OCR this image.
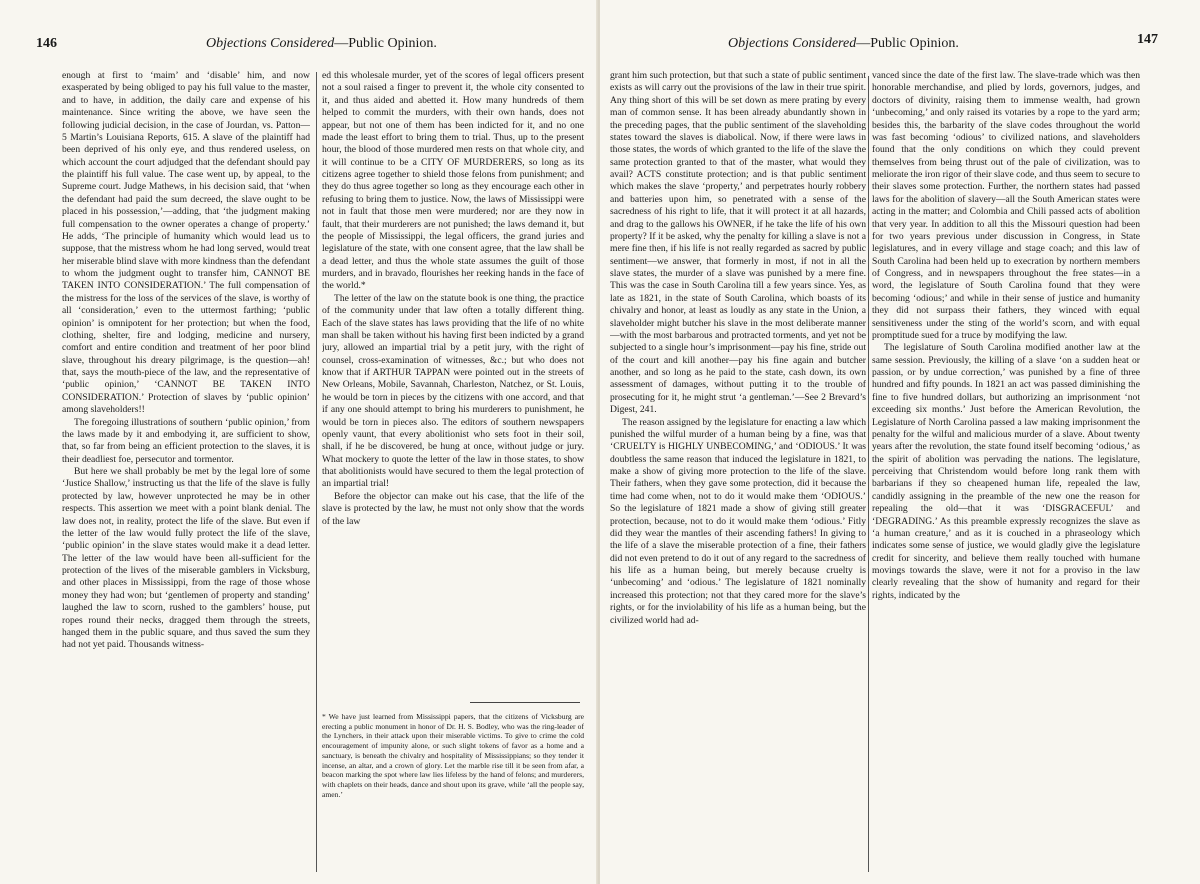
146	Objections Considered—Public Opinion.

enough at first to ‘maim’ and ‘disable’ him, and now exasperated by being obliged to pay his full value to the master, and to have, in addition, the daily care and expense of his maintenance. Since writing the above, we have seen the following judicial decision, in the case of Jourdan, vs. Patton—5 Martin’s Louisiana Reports, 615. A slave of the plaintiff had been deprived of his only eye, and thus rendered useless, on which account the court adjudged that the defendant should pay the plaintiff his full value. The case went up, by appeal, to the Supreme court. Judge Mathews, in his decision said, that ‘when the defendant had paid the sum decreed, the slave ought to be placed in his possession,’—adding, that ‘the judgment making full compensation to the owner operates a change of property.’ He adds, ‘The principle of humanity which would lead us to suppose, that the mistress whom he had long served, would treat her miserable blind slave with more kindness than the defendant to whom the judgment ought to transfer him, CANNOT BE TAKEN INTO CONSIDERATION.’ The full compensation of the mistress for the loss of the services of the slave, is worthy of all ‘consideration,’ even to the uttermost farthing; ‘public opinion’ is omnipotent for her protection; but when the food, clothing, shelter, fire and lodging, medicine and nursery, comfort and entire condition and treatment of her poor blind slave, throughout his dreary pilgrimage, is the question—ah! that, says the mouth-piece of the law, and the representative of ‘public opinion,’ ‘CANNOT BE TAKEN INTO CONSIDERATION.’ Protection of slaves by ‘public opinion’ among slaveholders!!

The foregoing illustrations of southern ‘public opinion,’ from the laws made by it and embodying it, are sufficient to show, that, so far from being an efficient protection to the slaves, it is their deadliest foe, persecutor and tormentor.

But here we shall probably be met by the legal lore of some ‘Justice Shallow,’ instructing us that the life of the slave is fully protected by law, however unprotected he may be in other respects. This assertion we meet with a point blank denial. The law does not, in reality, protect the life of the slave. But even if the letter of the law would fully protect the life of the slave, ‘public opinion’ in the slave states would make it a dead letter. The letter of the law would have been all-sufficient for the protection of the lives of the miserable gamblers in Vicksburg, and other places in Mississippi, from the rage of those whose money they had won; but ‘gentlemen of property and standing’ laughed the law to scorn, rushed to the gamblers’ house, put ropes round their necks, dragged them through the streets, hanged them in the public square, and thus saved the sum they had not yet paid. Thousands witness-

ed this wholesale murder, yet of the scores of legal officers present not a soul raised a finger to prevent it, the whole city consented to it, and thus aided and abetted it. How many hundreds of them helped to commit the murders, with their own hands, does not appear, but not one of them has been indicted for it, and no one made the least effort to bring them to trial. Thus, up to the present hour, the blood of those murdered men rests on that whole city, and it will continue to be a CITY OF MURDERERS, so long as its citizens agree together to shield those felons from punishment; and they do thus agree together so long as they encourage each other in refusing to bring them to justice. Now, the laws of Mississippi were not in fault that those men were murdered; nor are they now in fault, that their murderers are not punished; the laws demand it, but the people of Mississippi, the legal officers, the grand juries and legislature of the state, with one consent agree, that the law shall be a dead letter, and thus the whole state assumes the guilt of those murders, and in bravado, flourishes her reeking hands in the face of the world.*

The letter of the law on the statute book is one thing, the practice of the community under that law often a totally different thing. Each of the slave states has laws providing that the life of no white man shall be taken without his having first been indicted by a grand jury, allowed an impartial trial by a petit jury, with the right of counsel, cross-examination of witnesses, &c.; but who does not know that if ARTHUR TAPPAN were pointed out in the streets of New Orleans, Mobile, Savannah, Charleston, Natchez, or St. Louis, he would be torn in pieces by the citizens with one accord, and that if any one should attempt to bring his murderers to punishment, he would be torn in pieces also. The editors of southern newspapers openly vaunt, that every abolitionist who sets foot in their soil, shall, if he be discovered, be hung at once, without judge or jury. What mockery to quote the letter of the law in those states, to show that abolitionists would have secured to them the legal protection of an impartial trial!

Before the objector can make out his case, that the life of the slave is protected by the law, he must not only show that the words of the law

* We have just learned from Mississippi papers, that the citizens of Vicksburg are erecting a public monument in honor of Dr. H. S. Bodley, who was the ring-leader of the Lynchers, in their attack upon their miserable victims. To give to crime the cold encouragement of impunity alone, or such slight tokens of favor as a home and a sanctuary, is beneath the chivalry and hospitality of Mississippians; so they tender it incense, an altar, and a crown of glory. Let the marble rise till it be seen from afar, a beacon marking the spot where law lies lifeless by the hand of felons; and murderers, with chaplets on their heads, dance and shout upon its grave, while ‘all the people say, amen.’
Objections Considered—Public Opinion.	147

grant him such protection, but that such a state of public sentiment exists as will carry out the provisions of the law in their true spirit. Any thing short of this will be set down as mere prating by every man of common sense. It has been already abundantly shown in the preceding pages, that the public sentiment of the slaveholding states toward the slaves is diabolical. Now, if there were laws in those states, the words of which granted to the life of the slave the same protection granted to that of the master, what would they avail? ACTS constitute protection; and is that public sentiment which makes the slave ‘property,’ and perpetrates hourly robbery and batteries upon him, so penetrated with a sense of the sacredness of his right to life, that it will protect it at all hazards, and drag to the gallows his OWNER, if he take the life of his own property? If it be asked, why the penalty for killing a slave is not a mere fine then, if his life is not really regarded as sacred by public sentiment—we answer, that formerly in most, if not in all the slave states, the murder of a slave was punished by a mere fine. This was the case in South Carolina till a few years since. Yes, as late as 1821, in the state of South Carolina, which boasts of its chivalry and honor, at least as loudly as any state in the Union, a slaveholder might butcher his slave in the most deliberate manner—with the most barbarous and protracted torments, and yet not be subjected to a single hour’s imprisonment—pay his fine, stride out of the court and kill another—pay his fine again and butcher another, and so long as he paid to the state, cash down, its own assessment of damages, without putting it to the trouble of prosecuting for it, he might strut ‘a gentleman.’—See 2 Brevard’s Digest, 241.

The reason assigned by the legislature for enacting a law which punished the wilful murder of a human being by a fine, was that ‘CRUELTY is HIGHLY UNBECOMING,’ and ‘ODIOUS.’ It was doubtless the same reason that induced the legislature in 1821, to make a show of giving more protection to the life of the slave. Their fathers, when they gave some protection, did it because the time had come when, not to do it would make them ‘ODIOUS.’ So the legislature of 1821 made a show of giving still greater protection, because, not to do it would make them ‘odious.’ Fitly did they wear the mantles of their ascending fathers! In giving to the life of a slave the miserable protection of a fine, their fathers did not even pretend to do it out of any regard to the sacredness of his life as a human being, but merely because cruelty is ‘unbecoming’ and ‘odious.’ The legislature of 1821 nominally increased this protection; not that they cared more for the slave’s rights, or for the inviolability of his life as a human being, but the civilized world had ad-

vanced since the date of the first law. The slave-trade which was then honorable merchandise, and plied by lords, governors, judges, and doctors of divinity, raising them to immense wealth, had grown ‘unbecoming,’ and only raised its votaries by a rope to the yard arm; besides this, the barbarity of the slave codes throughout the world was fast becoming ‘odious’ to civilized nations, and slaveholders found that the only conditions on which they could prevent themselves from being thrust out of the pale of civilization, was to meliorate the iron rigor of their slave code, and thus seem to secure to their slaves some protection. Further, the northern states had passed laws for the abolition of slavery—all the South American states were acting in the matter; and Colombia and Chili passed acts of abolition that very year. In addition to all this the Missouri question had been for two years previous under discussion in Congress, in State legislatures, and in every village and stage coach; and this law of South Carolina had been held up to execration by northern members of Congress, and in newspapers throughout the free states—in a word, the legislature of South Carolina found that they were becoming ‘odious;’ and while in their sense of justice and humanity they did not surpass their fathers, they winced with equal sensitiveness under the sting of the world’s scorn, and with equal promptitude sued for a truce by modifying the law.

The legislature of South Carolina modified another law at the same session. Previously, the killing of a slave ‘on a sudden heat or passion, or by undue correction,’ was punished by a fine of three hundred and fifty pounds. In 1821 an act was passed diminishing the fine to five hundred dollars, but authorizing an imprisonment ‘not exceeding six months.’ Just before the American Revolution, the Legislature of North Carolina passed a law making imprisonment the penalty for the wilful and malicious murder of a slave. About twenty years after the revolution, the state found itself becoming ‘odious,’ as the spirit of abolition was pervading the nations. The legislature, perceiving that Christendom would before long rank them with barbarians if they so cheapened human life, repealed the law, candidly assigning in the preamble of the new one the reason for repealing the old—that it was ‘DISGRACEFUL’ and ‘DEGRADING.’ As this preamble expressly recognizes the slave as ‘a human creature,’ and as it is couched in a phraseology which indicates some sense of justice, we would gladly give the legislature credit for sincerity, and believe them really touched with humane movings towards the slave, were it not for a proviso in the law clearly revealing that the show of humanity and regard for their rights, indicated by the
